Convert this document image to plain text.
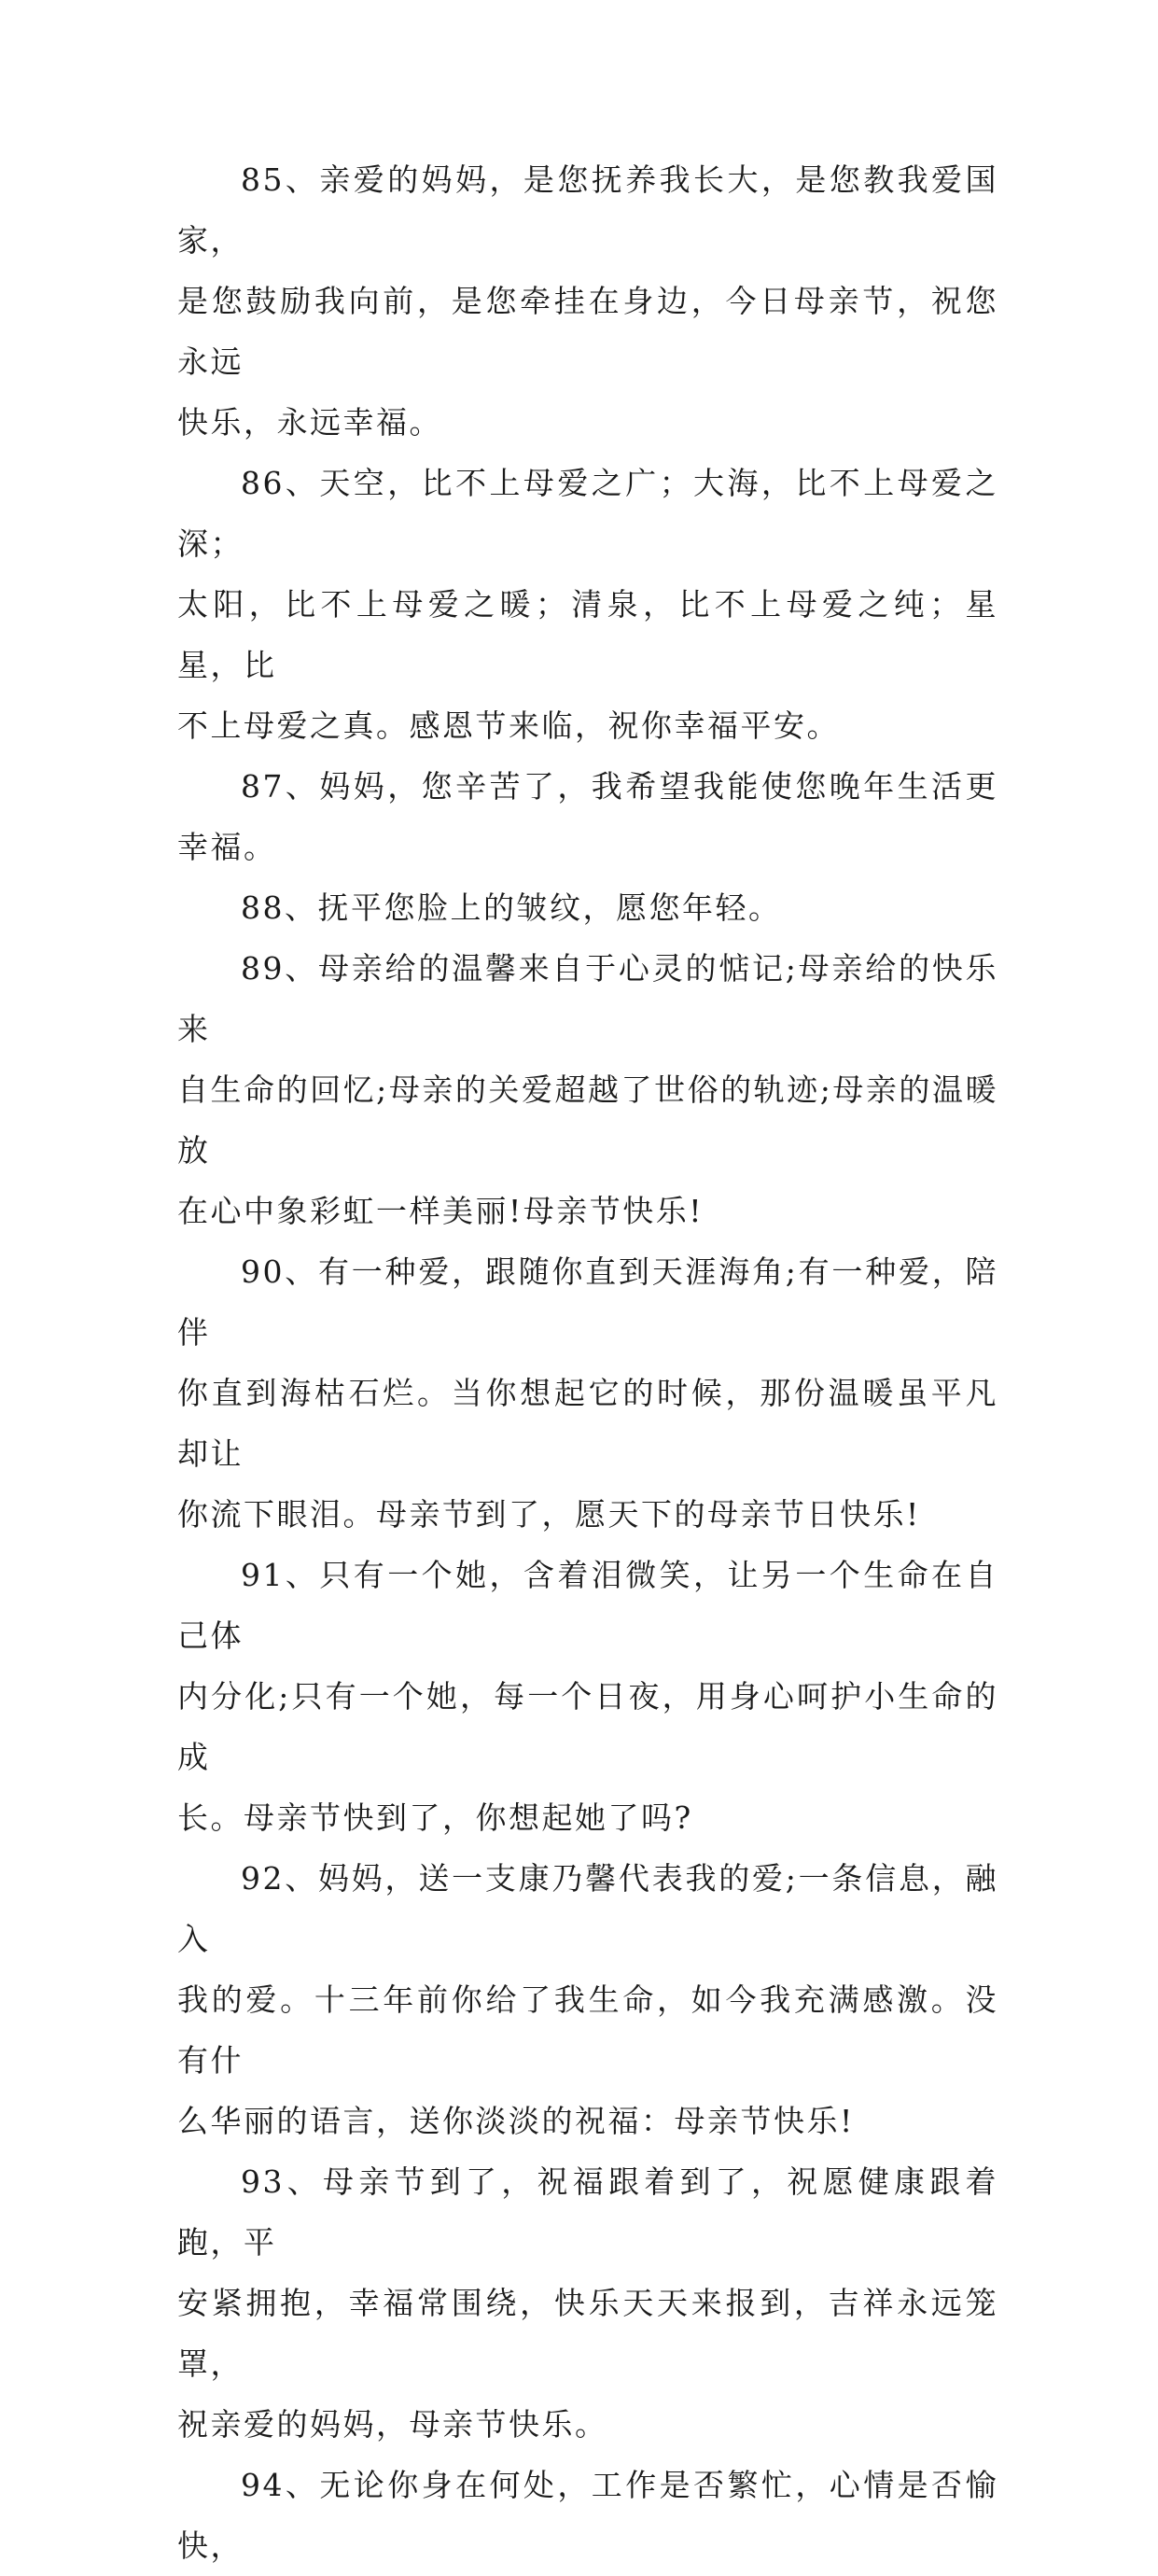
85、亲爱的妈妈，是您抚养我长大，是您教我爱国家，
是您鼓励我向前，是您牵挂在身边，今日母亲节，祝您永远
快乐，永远幸福。

86、天空，比不上母爱之广；大海，比不上母爱之深；
太阳，比不上母爱之暖；清泉，比不上母爱之纯；星星，比
不上母爱之真。感恩节来临，祝你幸福平安。

87、妈妈，您辛苦了，我希望我能使您晚年生活更幸福。

88、抚平您脸上的皱纹，愿您年轻。

89、母亲给的温馨来自于心灵的惦记;母亲给的快乐来
自生命的回忆;母亲的关爱超越了世俗的轨迹;母亲的温暖放
在心中象彩虹一样美丽!母亲节快乐!

90、有一种爱，跟随你直到天涯海角;有一种爱，陪伴
你直到海枯石烂。当你想起它的时候，那份温暖虽平凡却让
你流下眼泪。母亲节到了，愿天下的母亲节日快乐!

91、只有一个她，含着泪微笑，让另一个生命在自己体
内分化;只有一个她，每一个日夜，用身心呵护小生命的成
长。母亲节快到了，你想起她了吗?

92、妈妈，送一支康乃馨代表我的爱;一条信息，融入
我的爱。十三年前你给了我生命，如今我充满感激。没有什
么华丽的语言，送你淡淡的祝福：母亲节快乐!

93、母亲节到了，祝福跟着到了，祝愿健康跟着跑，平
安紧拥抱，幸福常围绕，快乐天天来报到，吉祥永远笼罩，
祝亲爱的妈妈，母亲节快乐。

94、无论你身在何处，工作是否繁忙，心情是否愉快，
